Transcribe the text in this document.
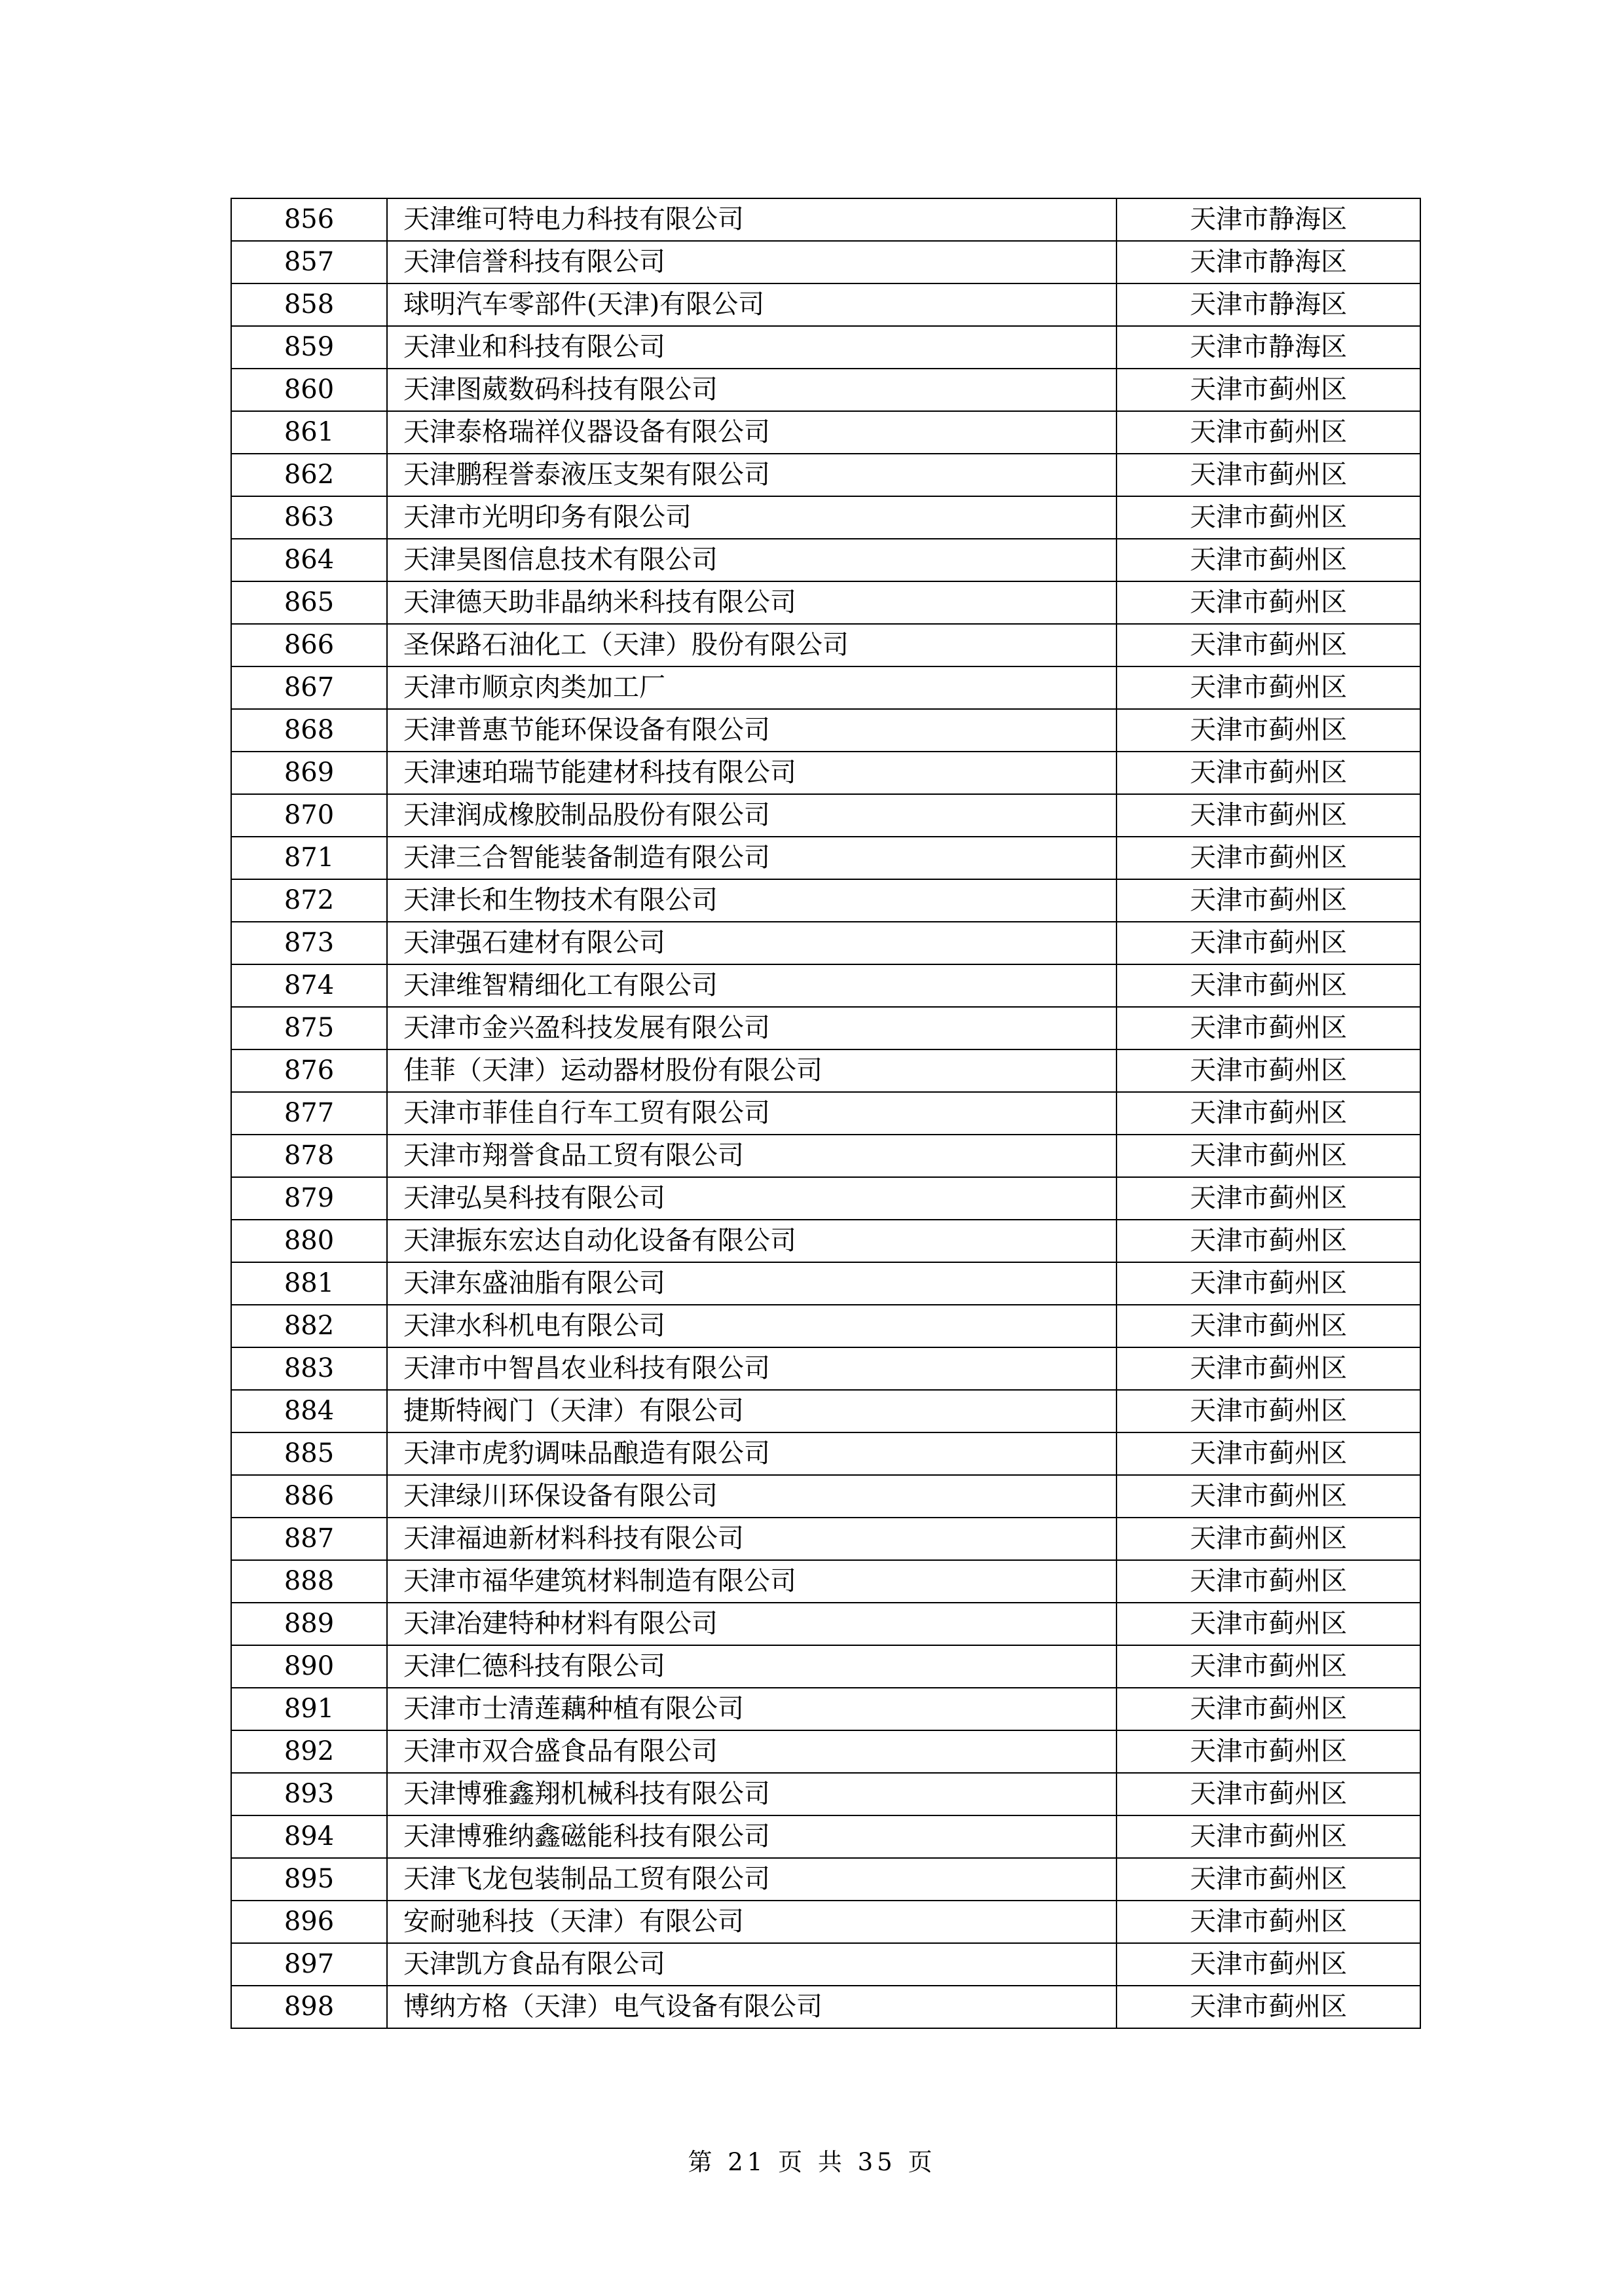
856	天津维可特电力科技有限公司	天津市静海区
857	天津信誉科技有限公司	天津市静海区
858	球明汽车零部件(天津)有限公司	天津市静海区
859	天津业和科技有限公司	天津市静海区
860	天津图葳数码科技有限公司	天津市蓟州区
861	天津泰格瑞祥仪器设备有限公司	天津市蓟州区
862	天津鹏程誉泰液压支架有限公司	天津市蓟州区
863	天津市光明印务有限公司	天津市蓟州区
864	天津昊图信息技术有限公司	天津市蓟州区
865	天津德天助非晶纳米科技有限公司	天津市蓟州区
866	圣保路石油化工（天津）股份有限公司	天津市蓟州区
867	天津市顺京肉类加工厂	天津市蓟州区
868	天津普惠节能环保设备有限公司	天津市蓟州区
869	天津速珀瑞节能建材科技有限公司	天津市蓟州区
870	天津润成橡胶制品股份有限公司	天津市蓟州区
871	天津三合智能装备制造有限公司	天津市蓟州区
872	天津长和生物技术有限公司	天津市蓟州区
873	天津强石建材有限公司	天津市蓟州区
874	天津维智精细化工有限公司	天津市蓟州区
875	天津市金兴盈科技发展有限公司	天津市蓟州区
876	佳菲（天津）运动器材股份有限公司	天津市蓟州区
877	天津市菲佳自行车工贸有限公司	天津市蓟州区
878	天津市翔誉食品工贸有限公司	天津市蓟州区
879	天津弘昊科技有限公司	天津市蓟州区
880	天津振东宏达自动化设备有限公司	天津市蓟州区
881	天津东盛油脂有限公司	天津市蓟州区
882	天津水科机电有限公司	天津市蓟州区
883	天津市中智昌农业科技有限公司	天津市蓟州区
884	捷斯特阀门（天津）有限公司	天津市蓟州区
885	天津市虎豹调味品酿造有限公司	天津市蓟州区
886	天津绿川环保设备有限公司	天津市蓟州区
887	天津福迪新材料科技有限公司	天津市蓟州区
888	天津市福华建筑材料制造有限公司	天津市蓟州区
889	天津冶建特种材料有限公司	天津市蓟州区
890	天津仁德科技有限公司	天津市蓟州区
891	天津市士清莲藕种植有限公司	天津市蓟州区
892	天津市双合盛食品有限公司	天津市蓟州区
893	天津博雅鑫翔机械科技有限公司	天津市蓟州区
894	天津博雅纳鑫磁能科技有限公司	天津市蓟州区
895	天津飞龙包装制品工贸有限公司	天津市蓟州区
896	安耐驰科技（天津）有限公司	天津市蓟州区
897	天津凯方食品有限公司	天津市蓟州区
898	博纳方格（天津）电气设备有限公司	天津市蓟州区
第 21 页 共 35 页
